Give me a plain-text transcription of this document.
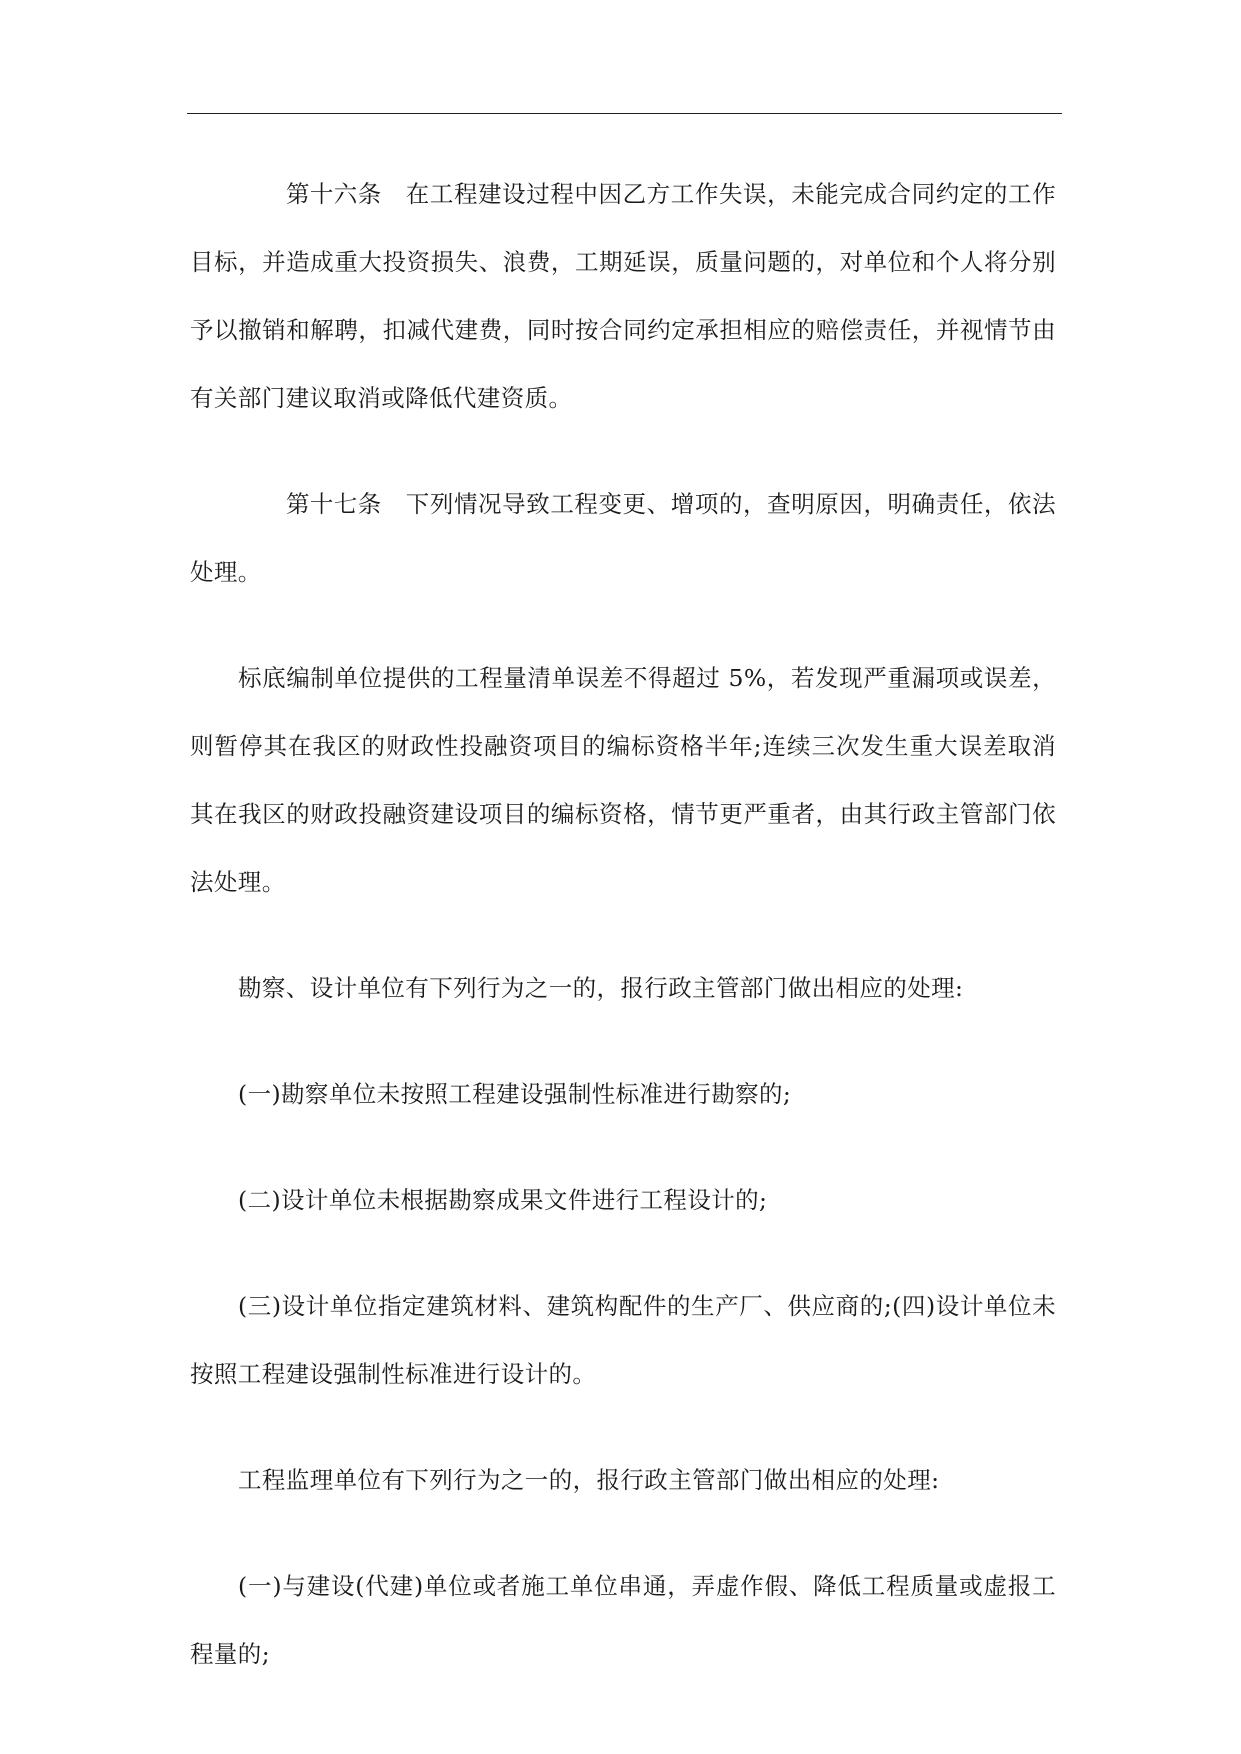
第十六条 在工程建设过程中因乙方工作失误，未能完成合同约定的工作目标，并造成重大投资损失、浪费，工期延误，质量问题的，对单位和个人将分别予以撤销和解聘，扣减代建费，同时按合同约定承担相应的赔偿责任，并视情节由有关部门建议取消或降低代建资质。

第十七条 下列情况导致工程变更、增项的，查明原因，明确责任，依法处理。

标底编制单位提供的工程量清单误差不得超过 5%，若发现严重漏项或误差，则暂停其在我区的财政性投融资项目的编标资格半年;连续三次发生重大误差取消其在我区的财政投融资建设项目的编标资格，情节更严重者，由其行政主管部门依法处理。

勘察、设计单位有下列行为之一的，报行政主管部门做出相应的处理:

(一)勘察单位未按照工程建设强制性标准进行勘察的;

(二)设计单位未根据勘察成果文件进行工程设计的;

(三)设计单位指定建筑材料、建筑构配件的生产厂、供应商的;(四)设计单位未按照工程建设强制性标准进行设计的。

工程监理单位有下列行为之一的，报行政主管部门做出相应的处理:

(一)与建设(代建)单位或者施工单位串通，弄虚作假、降低工程质量或虚报工程量的;
